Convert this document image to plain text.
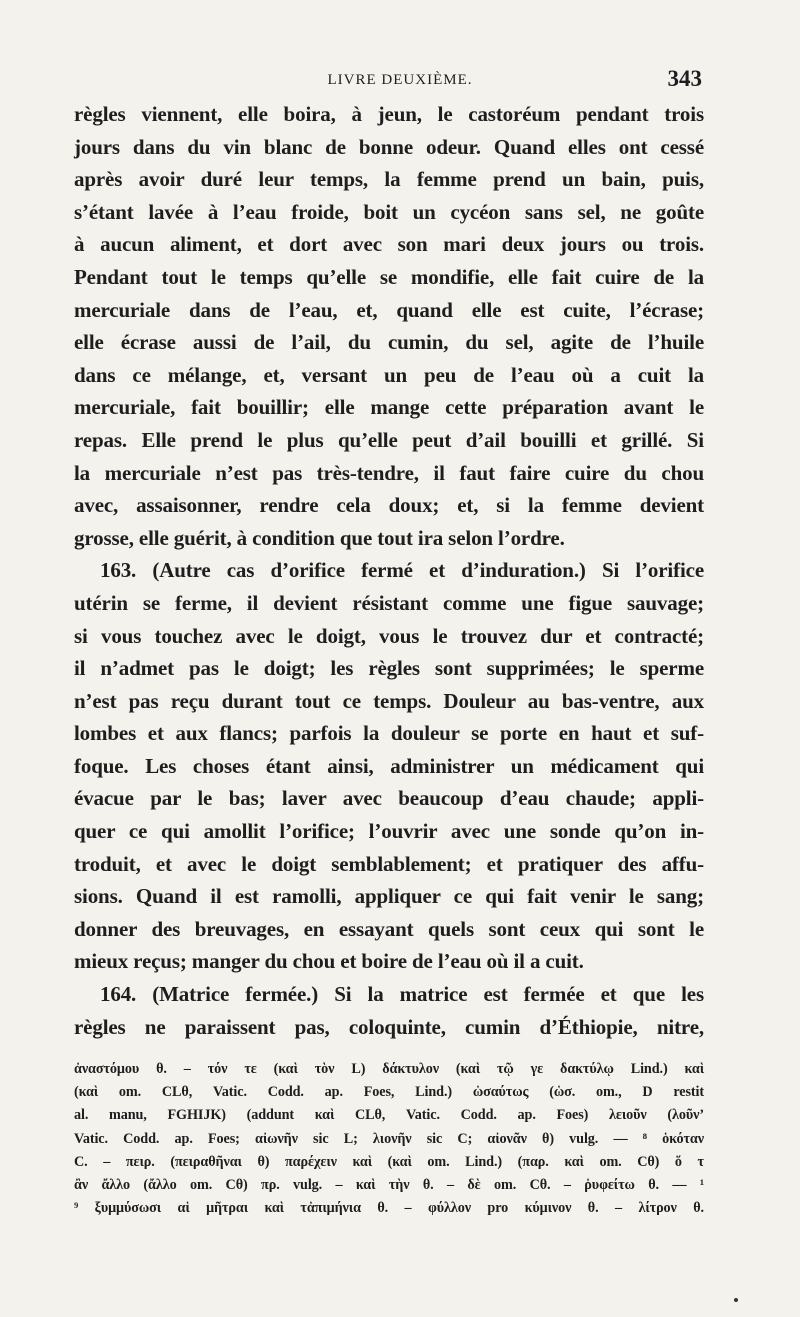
LIVRE DEUXIÈME.	343
règles viennent, elle boira, à jeun, le castoréum pendant trois
jours dans du vin blanc de bonne odeur. Quand elles ont cessé
après avoir duré leur temps, la femme prend un bain, puis,
s’étant lavée à l’eau froide, boit un cycéon sans sel, ne goûte
à aucun aliment, et dort avec son mari deux jours ou trois.
Pendant tout le temps qu’elle se mondifie, elle fait cuire de la
mercuriale dans de l’eau, et, quand elle est cuite, l’écrase;
elle écrase aussi de l’ail, du cumin, du sel, agite de l’huile
dans ce mélange, et, versant un peu de l’eau où a cuit la
mercuriale, fait bouillir; elle mange cette préparation avant le
repas. Elle prend le plus qu’elle peut d’ail bouilli et grillé. Si
la mercuriale n’est pas très-tendre, il faut faire cuire du chou
avec, assaisonner, rendre cela doux; et, si la femme devient
grosse, elle guérit, à condition que tout ira selon l’ordre.
163. (Autre cas d’orifice fermé et d’induration.) Si l’orifice
utérin se ferme, il devient résistant comme une figue sauvage;
si vous touchez avec le doigt, vous le trouvez dur et contracté;
il n’admet pas le doigt; les règles sont supprimées; le sperme
n’est pas reçu durant tout ce temps. Douleur au bas-ventre, aux
lombes et aux flancs; parfois la douleur se porte en haut et suf-
foque. Les choses étant ainsi, administrer un médicament qui
évacue par le bas; laver avec beaucoup d’eau chaude; appli-
quer ce qui amollit l’orifice; l’ouvrir avec une sonde qu’on in-
troduit, et avec le doigt semblablement; et pratiquer des affu-
sions. Quand il est ramolli, appliquer ce qui fait venir le sang;
donner des breuvages, en essayant quels sont ceux qui sont le
mieux reçus; manger du chou et boire de l’eau où il a cuit.
164. (Matrice fermée.) Si la matrice est fermée et que les
règles ne paraissent pas, coloquinte, cumin d’Éthiopie, nitre,
ἀναστόμου θ. – τόν τε (καὶ τὸν L) δάκτυλον (καὶ τῷ γε δακτύλῳ Lind.) καὶ
(καὶ om. CLθ, Vatic. Codd. ap. Foes, Lind.) ὡσαύτως (ὡσ. om., D restit
al. manu, FGHIJK) (addunt καὶ CLθ, Vatic. Codd. ap. Foes) λειοῦν (λοῦν’
Vatic. Codd. ap. Foes; αἰωνῆν sic L; λιονῆν sic C; αἰονᾶν θ) vulg. — ⁸ ὁκόταν
C. – πειρ. (πειραθῆναι θ) παρέχειν καὶ (καὶ om. Lind.) (παρ. καὶ om. Cθ) ὅ τ
ἂν ἄλλο (ἄλλο om. Cθ) πρ. vulg. – καὶ τὴν θ. – δὲ om. Cθ. – ῥυφείτω θ. — ¹
⁹ ξυμμύσωσι αἱ μῆτραι καὶ τἀπιμήνια θ. – φύλλον pro κύμινον θ. – λίτρον θ.
